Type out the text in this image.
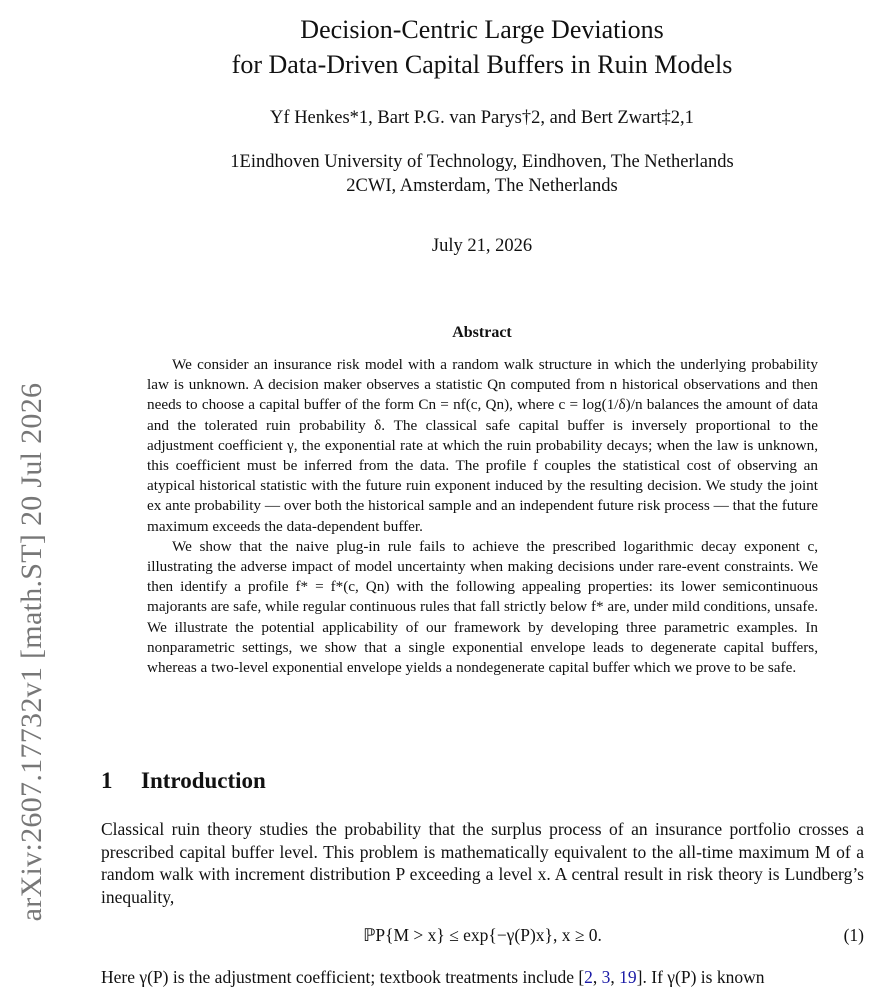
arXiv:2607.17732v1 [math.ST] 20 Jul 2026
Decision-Centric Large Deviations
for Data-Driven Capital Buffers in Ruin Models
Yf Henkes*1, Bart P.G. van Parys†2, and Bert Zwart‡2,1
1Eindhoven University of Technology, Eindhoven, The Netherlands
2CWI, Amsterdam, The Netherlands
July 21, 2026
Abstract

We consider an insurance risk model with a random walk structure in which the underlying probability law is unknown. A decision maker observes a statistic Qn computed from n historical observations and then needs to choose a capital buffer of the form Cn = nf(c, Qn), where c = log(1/δ)/n balances the amount of data and the tolerated ruin probability δ. The classical safe capital buffer is inversely proportional to the adjustment coefficient γ, the exponential rate at which the ruin probability decays; when the law is unknown, this coefficient must be inferred from the data. The profile f couples the statistical cost of observing an atypical historical statistic with the future ruin exponent induced by the resulting decision. We study the joint ex ante probability — over both the historical sample and an independent future risk process — that the future maximum exceeds the data-dependent buffer.

We show that the naive plug-in rule fails to achieve the prescribed logarithmic decay exponent c, illustrating the adverse impact of model uncertainty when making decisions under rare-event constraints. We then identify a profile f* = f*(c, Qn) with the following appealing properties: its lower semicontinuous majorants are safe, while regular continuous rules that fall strictly below f* are, under mild conditions, unsafe. We illustrate the potential applicability of our framework by developing three parametric examples. In nonparametric settings, we show that a single exponential envelope leads to degenerate capital buffers, whereas a two-level exponential envelope yields a nondegenerate capital buffer which we prove to be safe.

1 Introduction

Classical ruin theory studies the probability that the surplus process of an insurance portfolio crosses a prescribed capital buffer level. This problem is mathematically equivalent to the all-time maximum M of a random walk with increment distribution P exceeding a level x. A central result in risk theory is Lundberg’s inequality,

ℙP{M > x} ≤ exp{−γ(P)x}, x ≥ 0.	(1)

Here γ(P) is the adjustment coefficient; textbook treatments include [2, 3, 19]. If γ(P) is known
